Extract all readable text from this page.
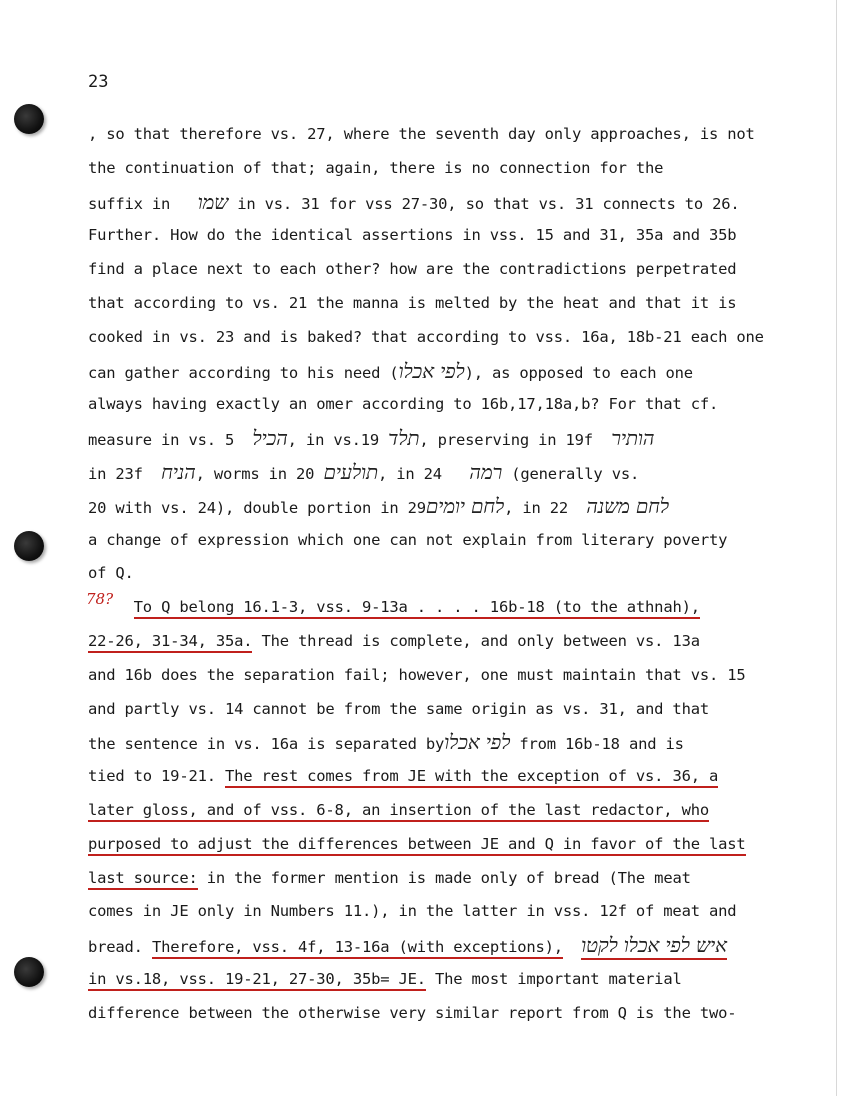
23
78?
, so that therefore vs. 27, where the seventh day only approaches, is not
the continuation of that; again, there is no connection for the
suffix in שמו in vs. 31 for vss 27-30, so that vs. 31 connects to 26.
Further. How do the identical assertions in vss. 15 and 31, 35a and 35b
find a place next to each other? how are the contradictions perpetrated
that according to vs. 21 the manna is melted by the heat and that it is
cooked in vs. 23 and is baked? that according to vss. 16a, 18b-21 each one
can gather according to his need (לפי אכלו), as opposed to each one
always having exactly an omer according to 16b,17,18a,b? For that cf.
measure in vs. 5 הכיל, in vs.19 תלד, preserving in 19f הותיר
in 23f הניח, worms in 20 תולעים, in 24 רמה (generally vs.
20 with vs. 24), double portion in 29לחם יומים, in 22 לחם משנה
a change of expression which one can not explain from literary poverty
of Q.
To Q belong 16.1-3, vss. 9-13a . . . . 16b-18 (to the athnah),
22-26, 31-34, 35a. The thread is complete, and only between vs. 13a
and 16b does the separation fail; however, one must maintain that vs. 15
and partly vs. 14 cannot be from the same origin as vs. 31, and that
the sentence in vs. 16a is separated byלפי אכלו from 16b-18 and is
tied to 19-21. The rest comes from JE with the exception of vs. 36, a
later gloss, and of vss. 6-8, an insertion of the last redactor, who
purposed to adjust the differences between JE and Q in favor of the last
last source: in the former mention is made only of bread (The meat
comes in JE only in Numbers 11.), in the latter in vss. 12f of meat and
bread. Therefore, vss. 4f, 13-16a (with exceptions), איש לפי אכלו לקטו
in vs.18, vss. 19-21, 27-30, 35b= JE. The most important material
difference between the otherwise very similar report from Q is the two-
